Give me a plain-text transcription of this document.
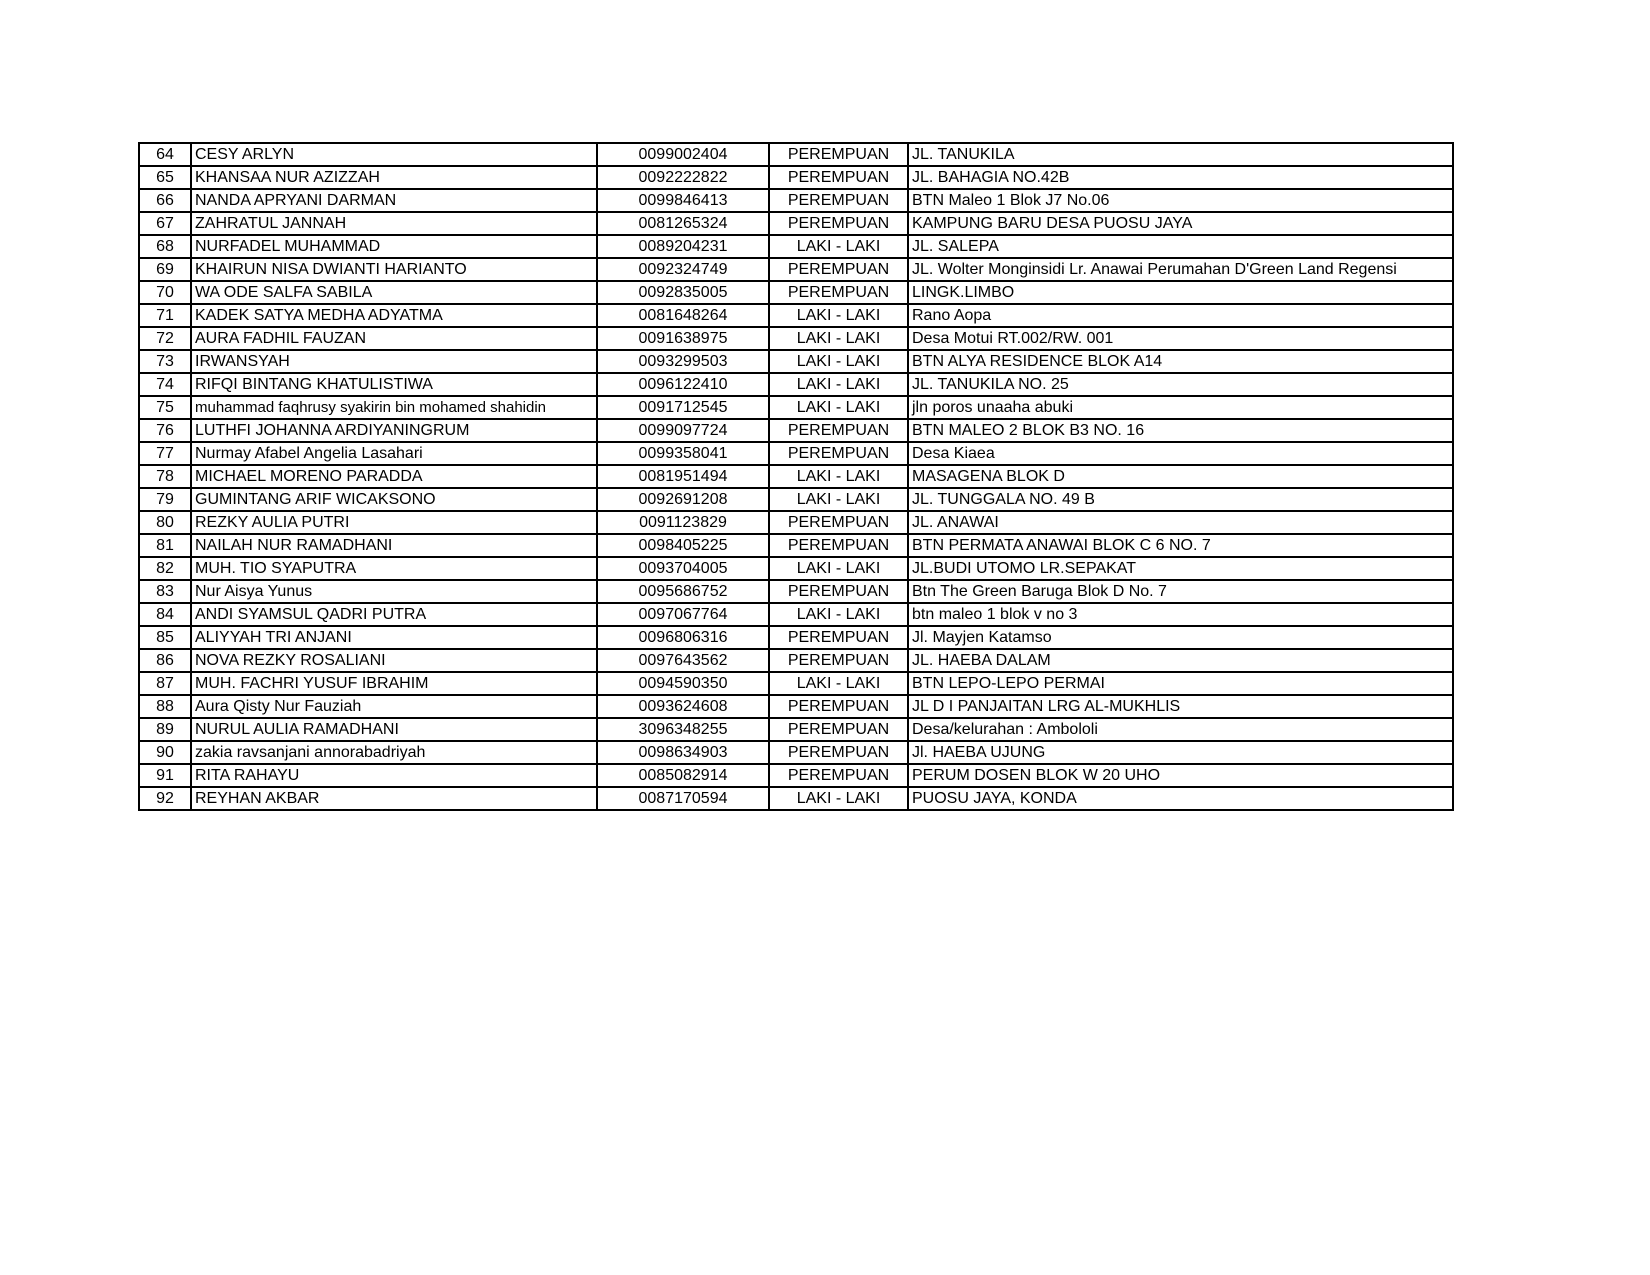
64	CESY ARLYN	0099002404	PEREMPUAN	JL. TANUKILA
65	KHANSAA NUR AZIZZAH	0092222822	PEREMPUAN	JL. BAHAGIA NO.42B
66	NANDA APRYANI DARMAN	0099846413	PEREMPUAN	BTN Maleo 1 Blok J7 No.06
67	ZAHRATUL JANNAH	0081265324	PEREMPUAN	KAMPUNG BARU DESA PUOSU JAYA
68	NURFADEL MUHAMMAD	0089204231	LAKI - LAKI	JL. SALEPA
69	KHAIRUN NISA DWIANTI HARIANTO	0092324749	PEREMPUAN	JL. Wolter Monginsidi Lr. Anawai Perumahan D'Green Land Regensi
70	WA ODE SALFA SABILA	0092835005	PEREMPUAN	LINGK.LIMBO
71	KADEK SATYA MEDHA ADYATMA	0081648264	LAKI - LAKI	Rano Aopa
72	AURA FADHIL FAUZAN	0091638975	LAKI - LAKI	Desa Motui RT.002/RW. 001
73	IRWANSYAH	0093299503	LAKI - LAKI	BTN ALYA RESIDENCE BLOK A14
74	RIFQI BINTANG KHATULISTIWA	0096122410	LAKI - LAKI	JL. TANUKILA NO. 25
75	muhammad faqhrusy syakirin bin mohamed shahidin	0091712545	LAKI - LAKI	jln poros unaaha abuki
76	LUTHFI JOHANNA ARDIYANINGRUM	0099097724	PEREMPUAN	BTN MALEO 2 BLOK B3 NO. 16
77	Nurmay Afabel Angelia Lasahari	0099358041	PEREMPUAN	Desa Kiaea
78	MICHAEL MORENO PARADDA	0081951494	LAKI - LAKI	MASAGENA BLOK D
79	GUMINTANG ARIF WICAKSONO	0092691208	LAKI - LAKI	JL. TUNGGALA NO. 49 B
80	REZKY AULIA PUTRI	0091123829	PEREMPUAN	JL. ANAWAI
81	NAILAH NUR RAMADHANI	0098405225	PEREMPUAN	BTN PERMATA ANAWAI BLOK C 6 NO. 7
82	MUH. TIO SYAPUTRA	0093704005	LAKI - LAKI	JL.BUDI UTOMO LR.SEPAKAT
83	Nur Aisya Yunus	0095686752	PEREMPUAN	Btn The Green Baruga Blok D No. 7
84	ANDI SYAMSUL QADRI PUTRA	0097067764	LAKI - LAKI	btn maleo 1 blok v no 3
85	ALIYYAH TRI ANJANI	0096806316	PEREMPUAN	Jl. Mayjen Katamso
86	NOVA REZKY ROSALIANI	0097643562	PEREMPUAN	JL. HAEBA DALAM
87	MUH. FACHRI YUSUF IBRAHIM	0094590350	LAKI - LAKI	BTN LEPO-LEPO PERMAI
88	Aura Qisty Nur Fauziah	0093624608	PEREMPUAN	JL D I PANJAITAN LRG AL-MUKHLIS
89	NURUL AULIA RAMADHANI	3096348255	PEREMPUAN	Desa/kelurahan : Ambololi
90	zakia ravsanjani annorabadriyah	0098634903	PEREMPUAN	Jl. HAEBA UJUNG
91	RITA RAHAYU	0085082914	PEREMPUAN	PERUM DOSEN BLOK W 20 UHO
92	REYHAN AKBAR	0087170594	LAKI - LAKI	PUOSU JAYA, KONDA
